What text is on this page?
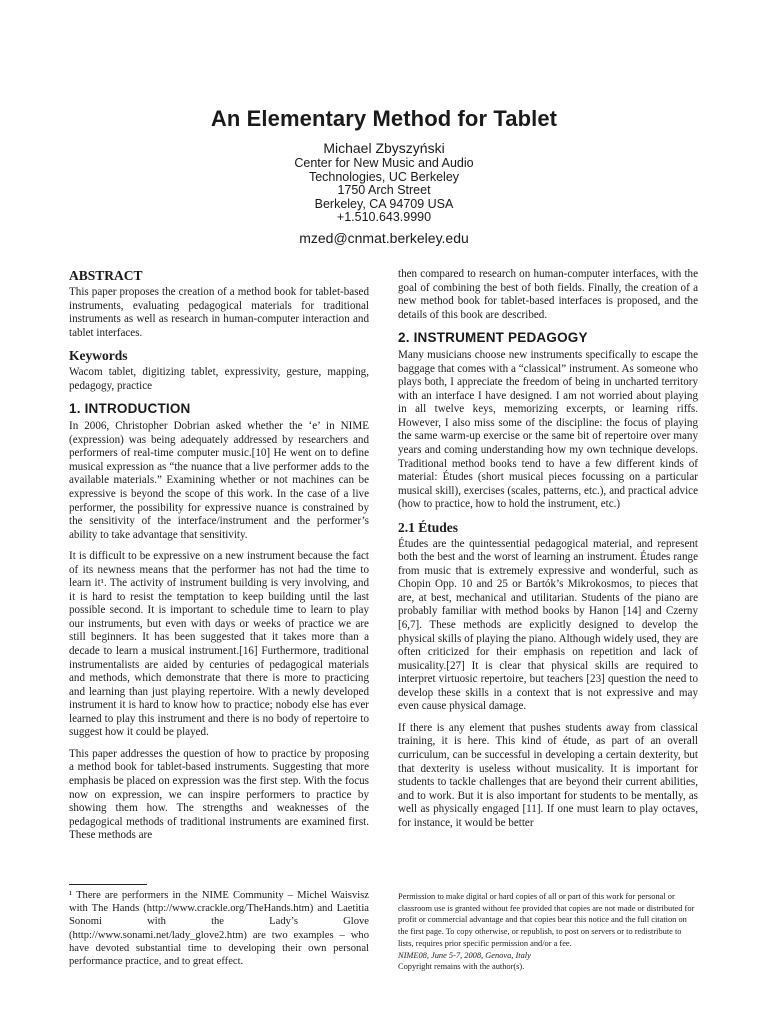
An Elementary Method for Tablet
Michael Zbyszyński
Center for New Music and Audio
Technologies, UC Berkeley
1750 Arch Street
Berkeley, CA 94709 USA
+1.510.643.9990
mzed@cnmat.berkeley.edu
ABSTRACT

This paper proposes the creation of a method book for tablet-based instruments, evaluating pedagogical materials for traditional instruments as well as research in human-computer interaction and tablet interfaces.

Keywords

Wacom tablet, digitizing tablet, expressivity, gesture, mapping, pedagogy, practice

1. INTRODUCTION

In 2006, Christopher Dobrian asked whether the ‘e’ in NIME (expression) was being adequately addressed by researchers and performers of real-time computer music.[10] He went on to define musical expression as “the nuance that a live performer adds to the available materials.” Examining whether or not machines can be expressive is beyond the scope of this work. In the case of a live performer, the possibility for expressive nuance is constrained by the sensitivity of the interface/instrument and the performer’s ability to take advantage that sensitivity.

It is difficult to be expressive on a new instrument because the fact of its newness means that the performer has not had the time to learn it¹. The activity of instrument building is very involving, and it is hard to resist the temptation to keep building until the last possible second. It is important to schedule time to learn to play our instruments, but even with days or weeks of practice we are still beginners. It has been suggested that it takes more than a decade to learn a musical instrument.[16] Furthermore, traditional instrumentalists are aided by centuries of pedagogical materials and methods, which demonstrate that there is more to practicing and learning than just playing repertoire. With a newly developed instrument it is hard to know how to practice; nobody else has ever learned to play this instrument and there is no body of repertoire to suggest how it could be played.

This paper addresses the question of how to practice by proposing a method book for tablet-based instruments. Suggesting that more emphasis be placed on expression was the first step. With the focus now on expression, we can inspire performers to practice by showing them how. The strengths and weaknesses of the pedagogical methods of traditional instruments are examined first. These methods are

¹ There are performers in the NIME Community – Michel Waisvisz with The Hands (http://www.crackle.org/TheHands.htm) and Laetitia Sonomi with the Lady’s Glove (http://www.sonami.net/lady_glove2.htm) are two examples – who have devoted substantial time to developing their own personal performance practice, and to great effect.

then compared to research on human-computer interfaces, with the goal of combining the best of both fields. Finally, the creation of a new method book for tablet-based interfaces is proposed, and the details of this book are described.

2. INSTRUMENT PEDAGOGY

Many musicians choose new instruments specifically to escape the baggage that comes with a “classical” instrument. As someone who plays both, I appreciate the freedom of being in uncharted territory with an interface I have designed. I am not worried about playing in all twelve keys, memorizing excerpts, or learning riffs. However, I also miss some of the discipline: the focus of playing the same warm-up exercise or the same bit of repertoire over many years and coming understanding how my own technique develops. Traditional method books tend to have a few different kinds of material: Études (short musical pieces focussing on a particular musical skill), exercises (scales, patterns, etc.), and practical advice (how to practice, how to hold the instrument, etc.)

2.1 Études

Études are the quintessential pedagogical material, and represent both the best and the worst of learning an instrument. Études range from music that is extremely expressive and wonderful, such as Chopin Opp. 10 and 25 or Bartók’s Mikrokosmos, to pieces that are, at best, mechanical and utilitarian. Students of the piano are probably familiar with method books by Hanon [14] and Czerny [6,7]. These methods are explicitly designed to develop the physical skills of playing the piano. Although widely used, they are often criticized for their emphasis on repetition and lack of musicality.[27] It is clear that physical skills are required to interpret virtuosic repertoire, but teachers [23] question the need to develop these skills in a context that is not expressive and may even cause physical damage.

If there is any element that pushes students away from classical training, it is here. This kind of étude, as part of an overall curriculum, can be successful in developing a certain dexterity, but that dexterity is useless without musicality. It is important for students to tackle challenges that are beyond their current abilities, and to work. But it is also important for students to be mentally, as well as physically engaged [11]. If one must learn to play octaves, for instance, it would be better

Permission to make digital or hard copies of all or part of this work for personal or classroom use is granted without fee provided that copies are not made or distributed for profit or commercial advantage and that copies bear this notice and the full citation on the first page. To copy otherwise, or republish, to post on servers or to redistribute to lists, requires prior specific permission and/or a fee.
NIME08, June 5-7, 2008, Genova, Italy
Copyright remains with the author(s).
